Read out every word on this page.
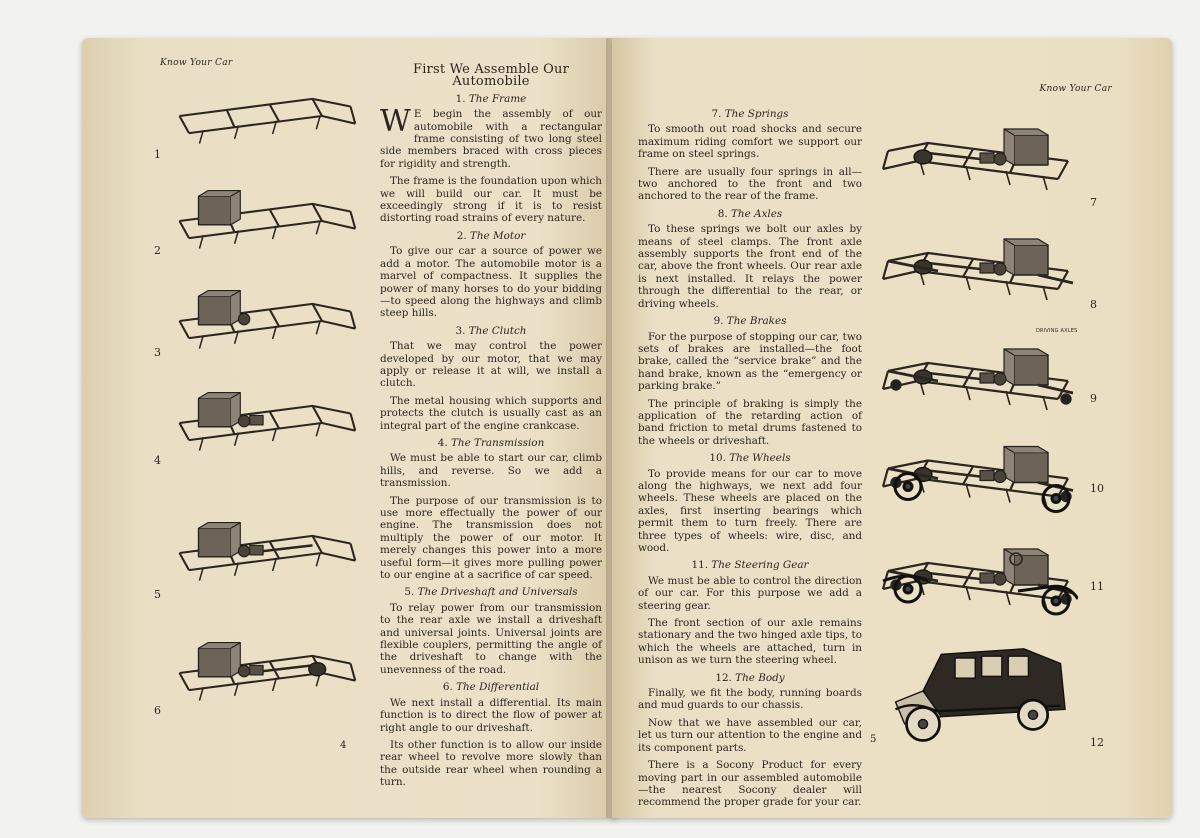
Know Your Car
4
1
2
3
4
5
6
First We Assemble Our Automobile
1. The Frame

W E begin the assembly of our automobile with a rectangular frame consisting of two long steel side members braced with cross pieces for rigidity and strength.

The frame is the foundation upon which we will build our car. It must be exceedingly strong if it is to resist distorting road strains of every nature.

2. The Motor

To give our car a source of power we add a motor. The automobile motor is a marvel of compactness. It supplies the power of many horses to do your bidding—to speed along the highways and climb steep hills.

3. The Clutch

That we may control the power developed by our motor, that we may apply or release it at will, we install a clutch.

The metal housing which supports and protects the clutch is usually cast as an integral part of the engine crankcase.

4. The Transmission

We must be able to start our car, climb hills, and reverse. So we add a transmission.

The purpose of our transmission is to use more effectually the power of our engine. The transmission does not multiply the power of our motor. It merely changes this power into a more useful form—it gives more pulling power to our engine at a sacrifice of car speed.

5. The Driveshaft and Universals

To relay power from our transmission to the rear axle we install a driveshaft and universal joints. Universal joints are flexible couplers, permitting the angle of the driveshaft to change with the unevenness of the road.

6. The Differential

We next install a differential. Its main function is to direct the flow of power at right angle to our driveshaft.

Its other function is to allow our inside rear wheel to revolve more slowly than the outside rear wheel when rounding a turn.

Know Your Car
5
7. The Springs

To smooth out road shocks and secure maximum riding comfort we support our frame on steel springs.

There are usually four springs in all—two anchored to the front and two anchored to the rear of the frame.

8. The Axles

To these springs we bolt our axles by means of steel clamps. The front axle assembly supports the front end of the car, above the front wheels. Our rear axle is next installed. It relays the power through the differential to the rear, or driving wheels.

9. The Brakes

For the purpose of stopping our car, two sets of brakes are installed—the foot brake, called the “service brake” and the hand brake, known as the “emergency or parking brake.”

The principle of braking is simply the application of the retarding action of band friction to metal drums fastened to the wheels or driveshaft.

10. The Wheels

To provide means for our car to move along the highways, we next add four wheels. These wheels are placed on the axles, first inserting bearings which permit them to turn freely. There are three types of wheels: wire, disc, and wood.

11. The Steering Gear

We must be able to control the direction of our car. For this purpose we add a steering gear.

The front section of our axle remains stationary and the two hinged axle tips, to which the wheels are attached, turn in unison as we turn the steering wheel.

12. The Body

Finally, we fit the body, running boards and mud guards to our chassis.

Now that we have assembled our car, let us turn our attention to the engine and its component parts.

There is a Socony Product for every moving part in our assembled automobile—the nearest Socony dealer will recommend the proper grade for your car.

7
8
9
10
11
12
DRIVING AXLES
